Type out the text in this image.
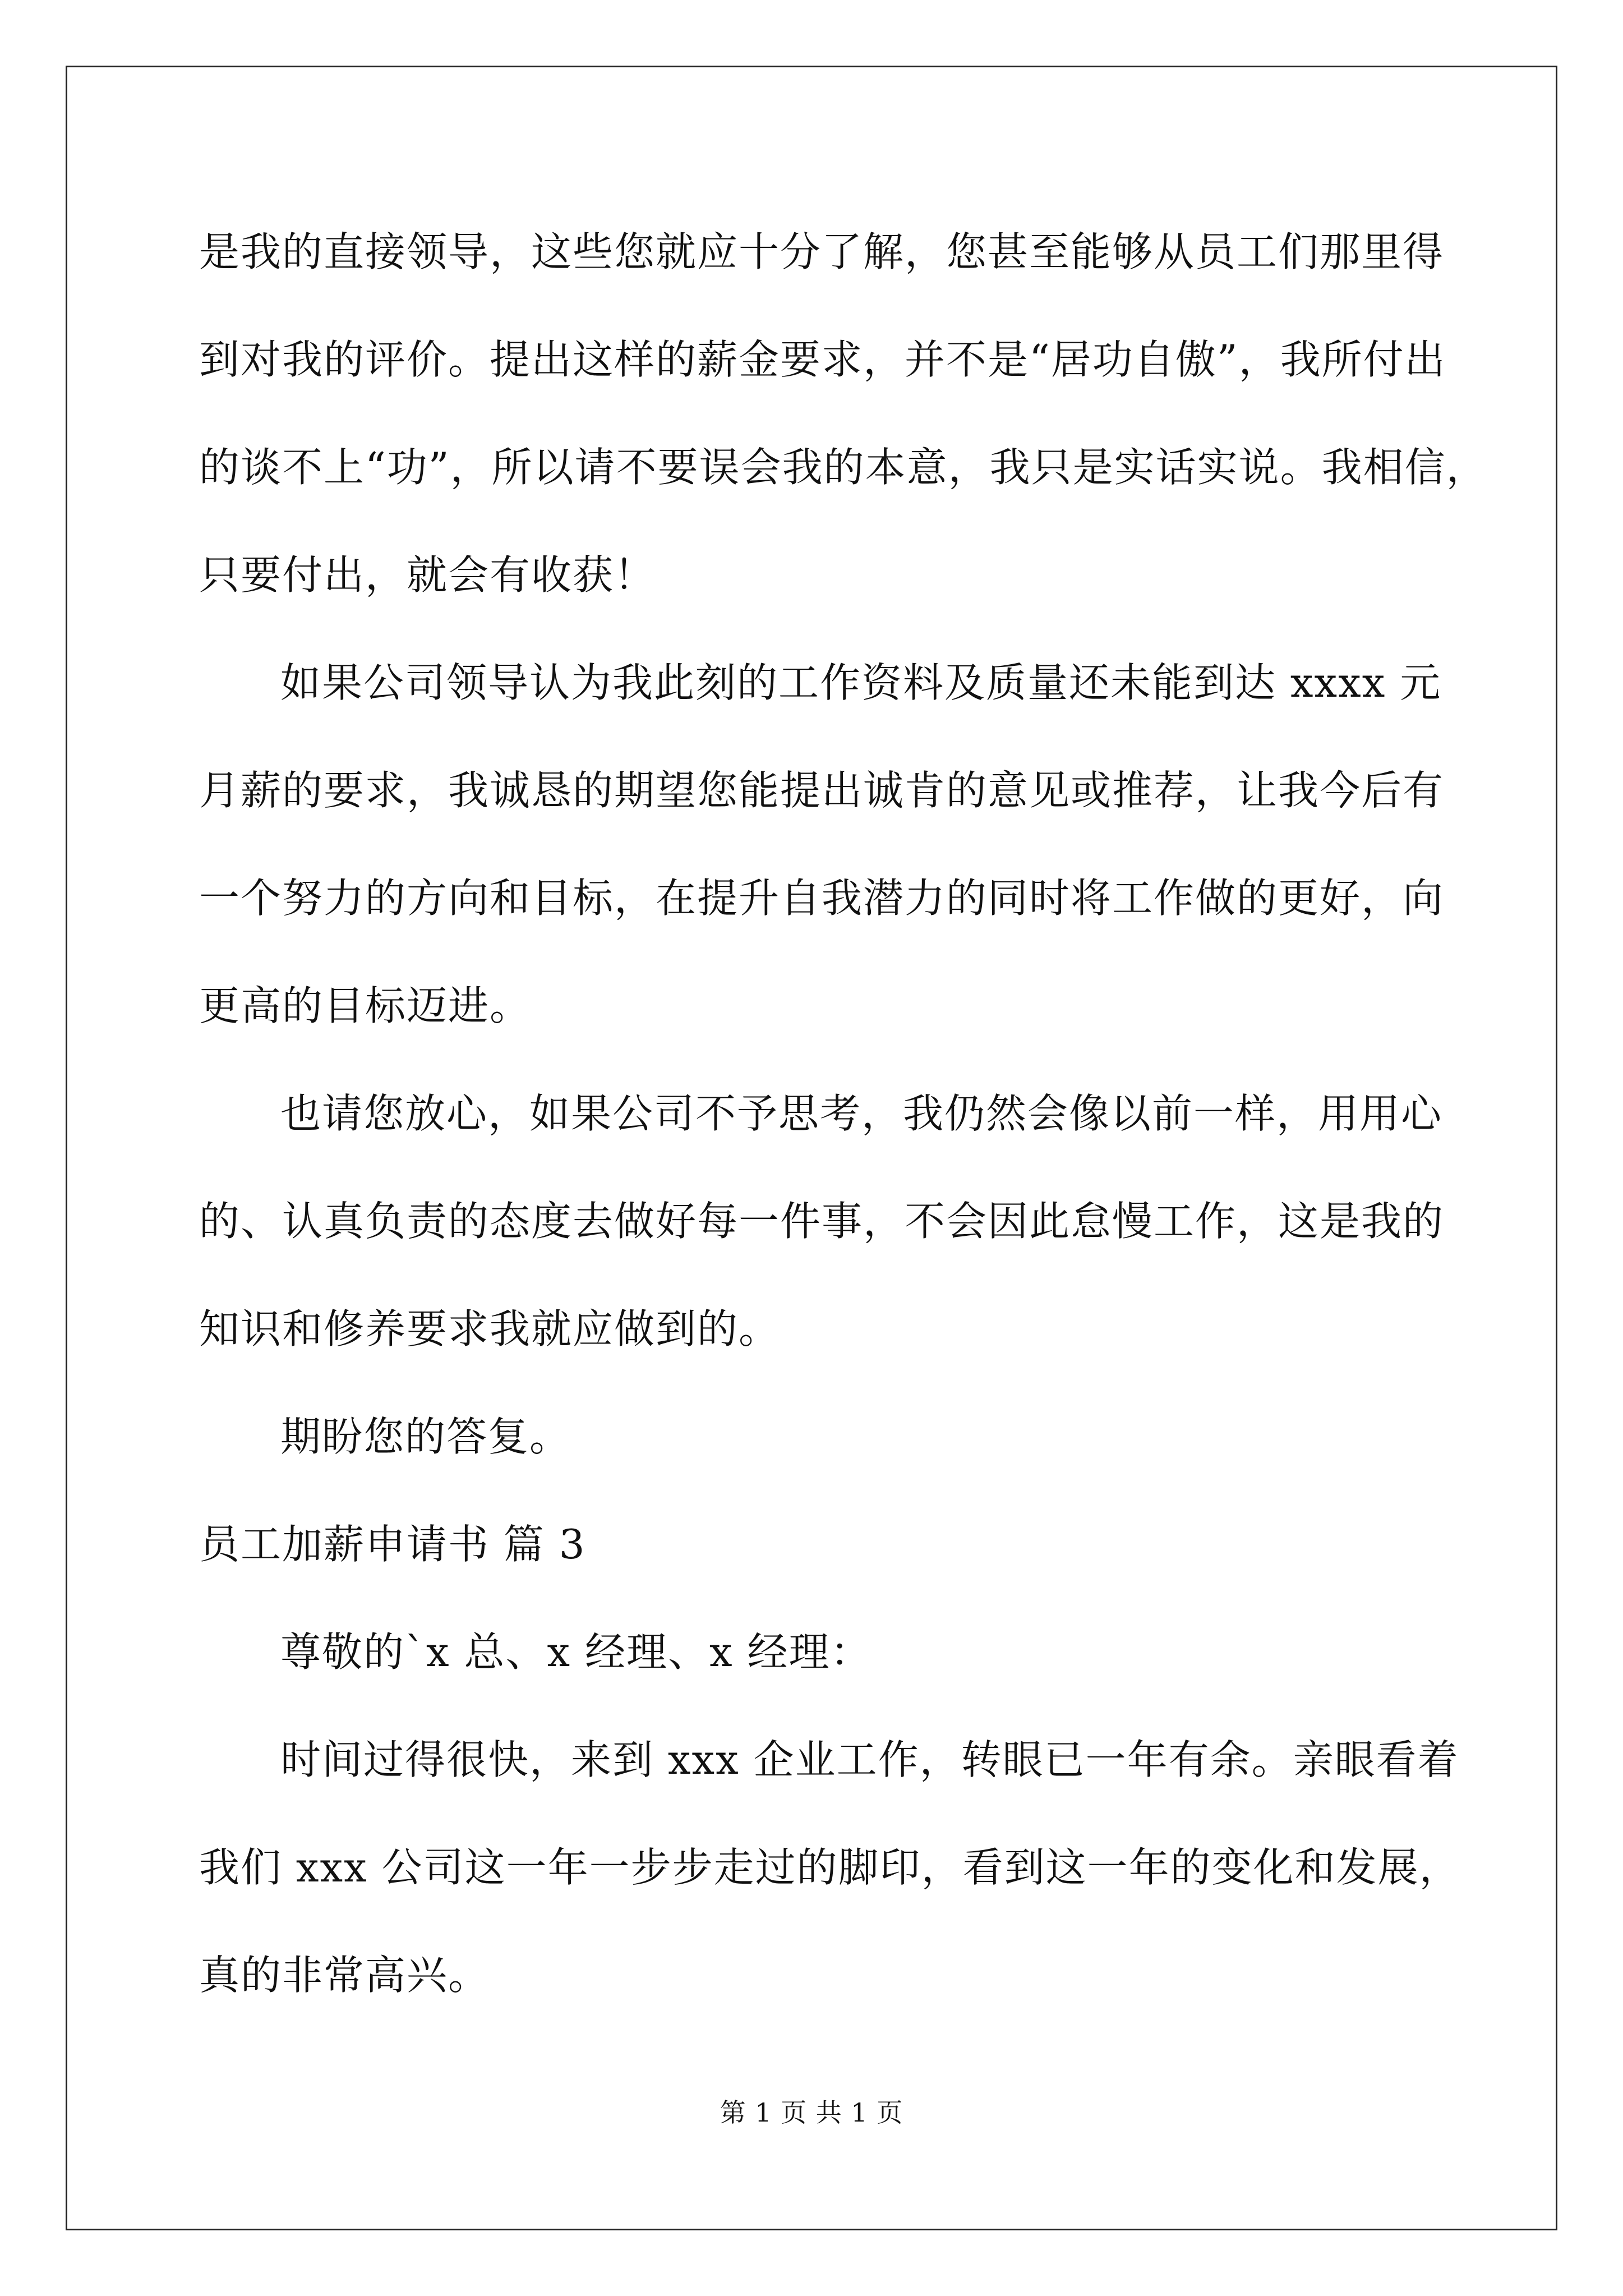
是我的直接领导，这些您就应十分了解，您甚至能够从员工们那里得
到对我的评价。提出这样的薪金要求，并不是“居功自傲”，我所付出
的谈不上“功”，所以请不要误会我的本意，我只是实话实说。我相信，
只要付出，就会有收获！
如果公司领导认为我此刻的工作资料及质量还未能到达 xxxx 元
月薪的要求，我诚恳的期望您能提出诚肯的意见或推荐，让我今后有
一个努力的方向和目标，在提升自我潜力的同时将工作做的更好，向
更高的目标迈进。
也请您放心，如果公司不予思考，我仍然会像以前一样，用用心
的、认真负责的态度去做好每一件事，不会因此怠慢工作，这是我的
知识和修养要求我就应做到的。
期盼您的答复。
员工加薪申请书 篇 3
尊敬的`x 总、x 经理、x 经理：
时间过得很快，来到 xxx 企业工作，转眼已一年有余。亲眼看着
我们 xxx 公司这一年一步步走过的脚印，看到这一年的变化和发展，
真的非常高兴。
第 1 页 共 1 页
